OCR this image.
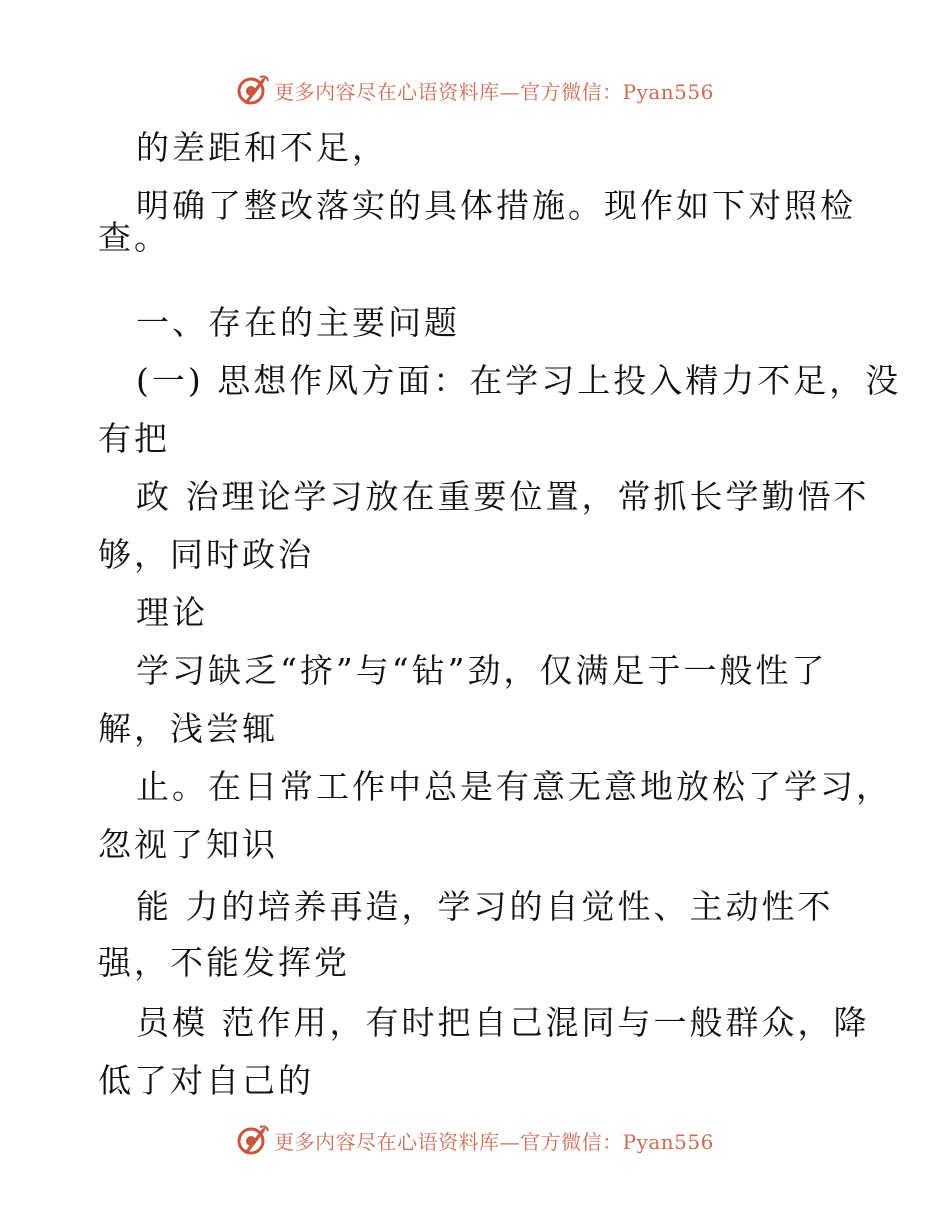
更多内容尽在心语资料库—官方微信：Pyan556
的差距和不足，
明确了整改落实的具体措施。现作如下对照检
查。
一、存在的主要问题
(一) 思想作风方面：在学习上投入精力不足，没
有把
政 治理论学习放在重要位置，常抓长学勤悟不
够，同时政治
理论
学习缺乏“挤”与“钻”劲，仅满足于一般性了
解，浅尝辄
止。在日常工作中总是有意无意地放松了学习，
忽视了知识
能 力的培养再造，学习的自觉性、主动性不
强，不能发挥党
员模 范作用，有时把自己混同与一般群众，降
低了对自己的
更多内容尽在心语资料库—官方微信：Pyan556
